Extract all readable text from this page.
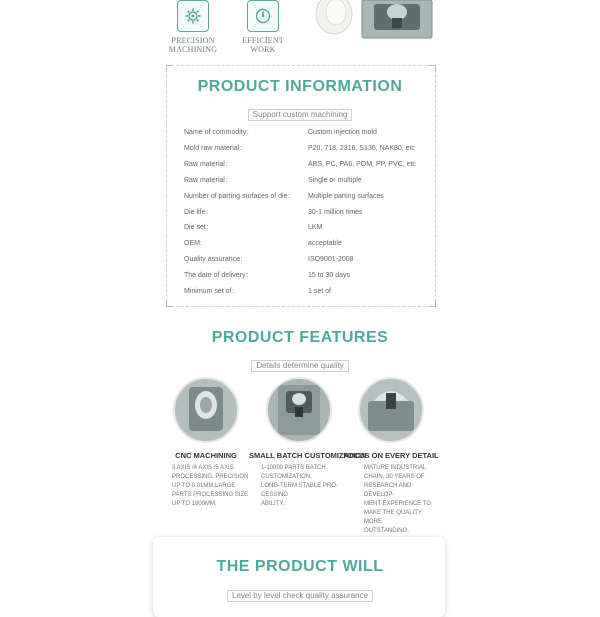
PRECISION
MACHINING
EFFICIENT
WORK
PRODUCT INFORMATION
Support custom machining
Name of commodity：	Custom injection mold
Mold raw material：	P20, 718, 2316, S136, NAK80, etc
Raw material：	ABS, PC, PA6, POM, PP, PVC, etc
Raw material：	Single or multiple
Number of parting surfaces of die： Multiple parting surfaces
Die life：	30-1 million times
Die set：	LKM
OEM:	acceptable
Quality assurance：	ISO9001-2008
The date of delivery：	15 to 30 days
Minimum set of：	1 set of
PRODUCT FEATURES
Details determine quality
CNC MACHINING
3 AXIS /4 AXIS /5 AXIS
PROCESSING, PRECISION
UP TO 0.01MM,LARGE
PARTS PROCESSING SIZE
UP TO 1800MM.
SMALL BATCH CUSTOMIZATION
1-10000 PARTS BATCH
CUSTOMIZATION,
LONG-TERM STABLE PRO-
CESSING
ABILITY.
FOCUS ON EVERY DETAIL
MATURE INDUSTRIAL
CHAIN, 30 YEARS OF
RESEARCH AND DEVELOP-
MENT EXPERIENCE TO
MAKE THE QUALITY MORE
OUTSTANDING.
THE PRODUCT WILL
Level by level check quality assurance
